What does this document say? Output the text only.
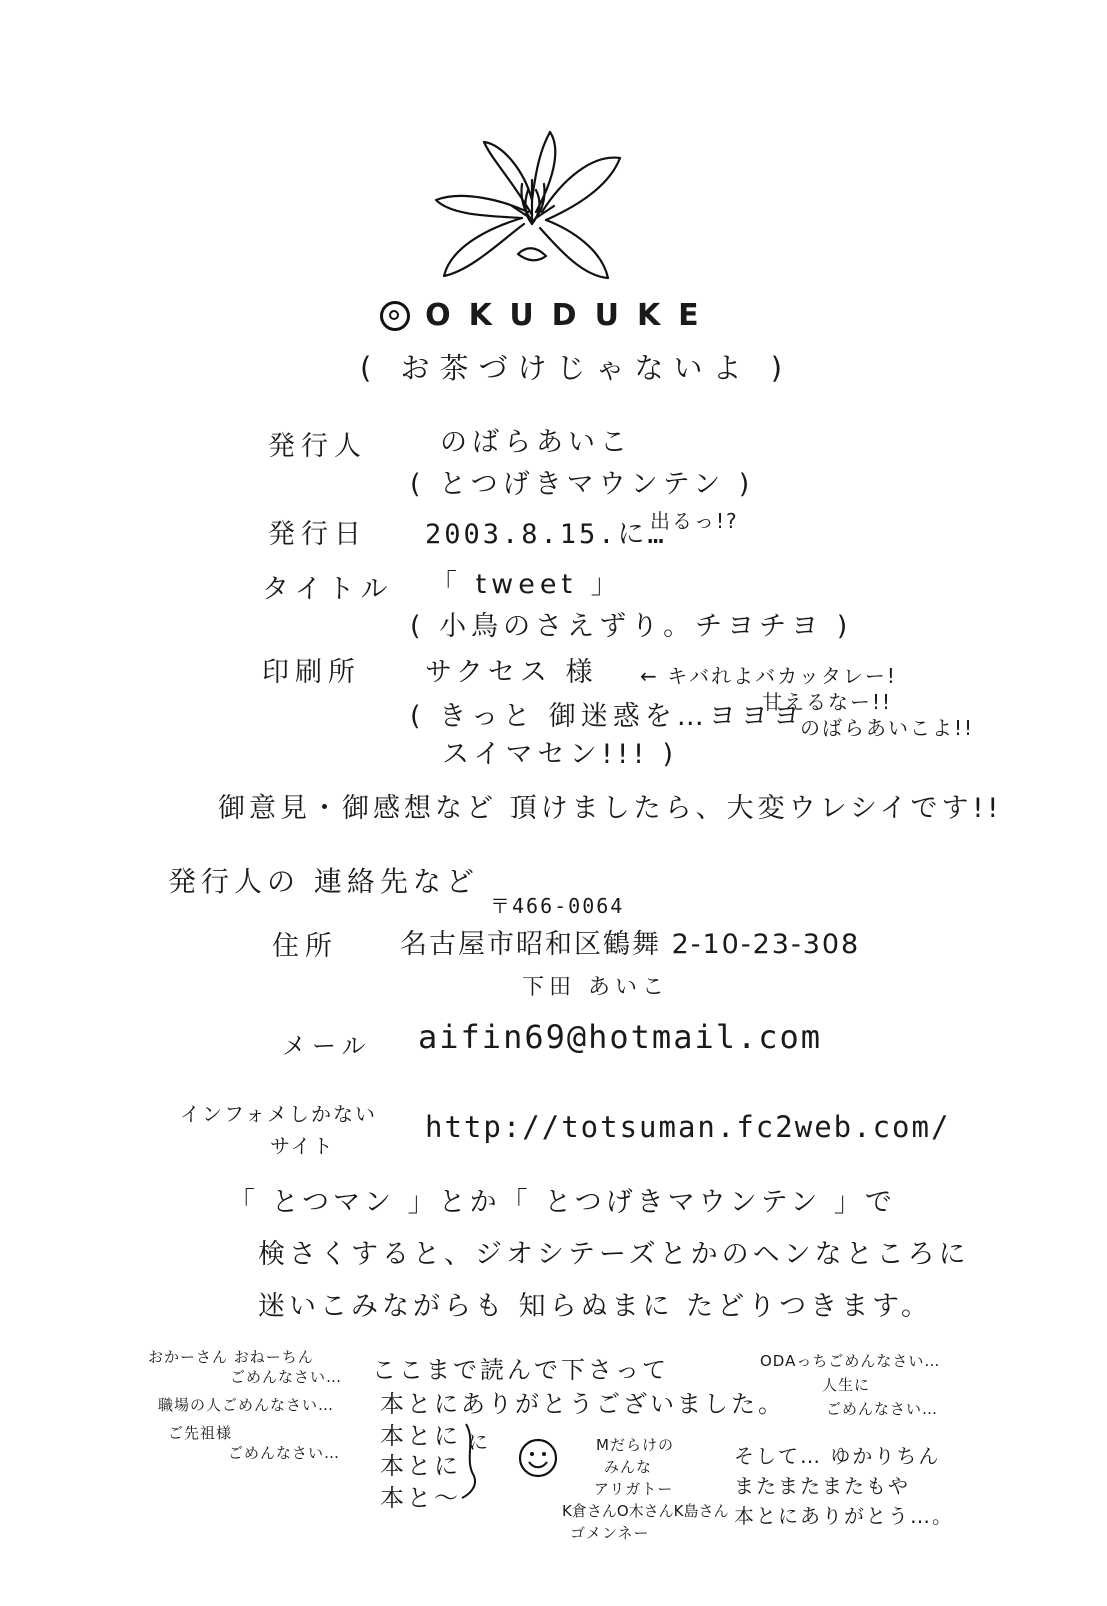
OKUDUKE
( お茶づけじゃないよ )
発行人	のばらあいこ
( とつげきマウンテン )
発行日 2003.8.15.に…
出るっ!?
タイトル 「 tweet 」
( 小鳥のさえずり。チヨチヨ )
印刷所 サクセス 様
( きっと 御迷惑を…ヨヨヨ
スイマセン!!! )
← キバれよバカッタレー!
甘えるなー!!
のばらあいこよ!!
御意見・御感想など 頂けましたら、大変ウレシイです!!
発行人の 連絡先など
〒466-0064
住所 名古屋市昭和区鶴舞 2-10-23-308
下田 あいこ
メール aifin69@hotmail.com
インフォメしかない
サイト
http://totsuman.fc2web.com/
「 とつマン 」とか「 とつげきマウンテン 」で
検さくすると、ジオシテーズとかのヘンなところに
迷いこみながらも 知らぬまに たどりつきます。
おかーさん おねーちん
ごめんなさい…
職場の人ごめんなさい…
ご先祖様
ごめんなさい…
ここまで読んで下さって
本とにありがとうございました。
本とに
本とに
本と〜
に	Mだらけの
みんな
アリガトー
K倉さんO木さんK島さん
ゴメンネー
ODAっちごめんなさい…
人生に
ごめんなさい…
そして… ゆかりちん
またまたまたもや
本とにありがとう…。
